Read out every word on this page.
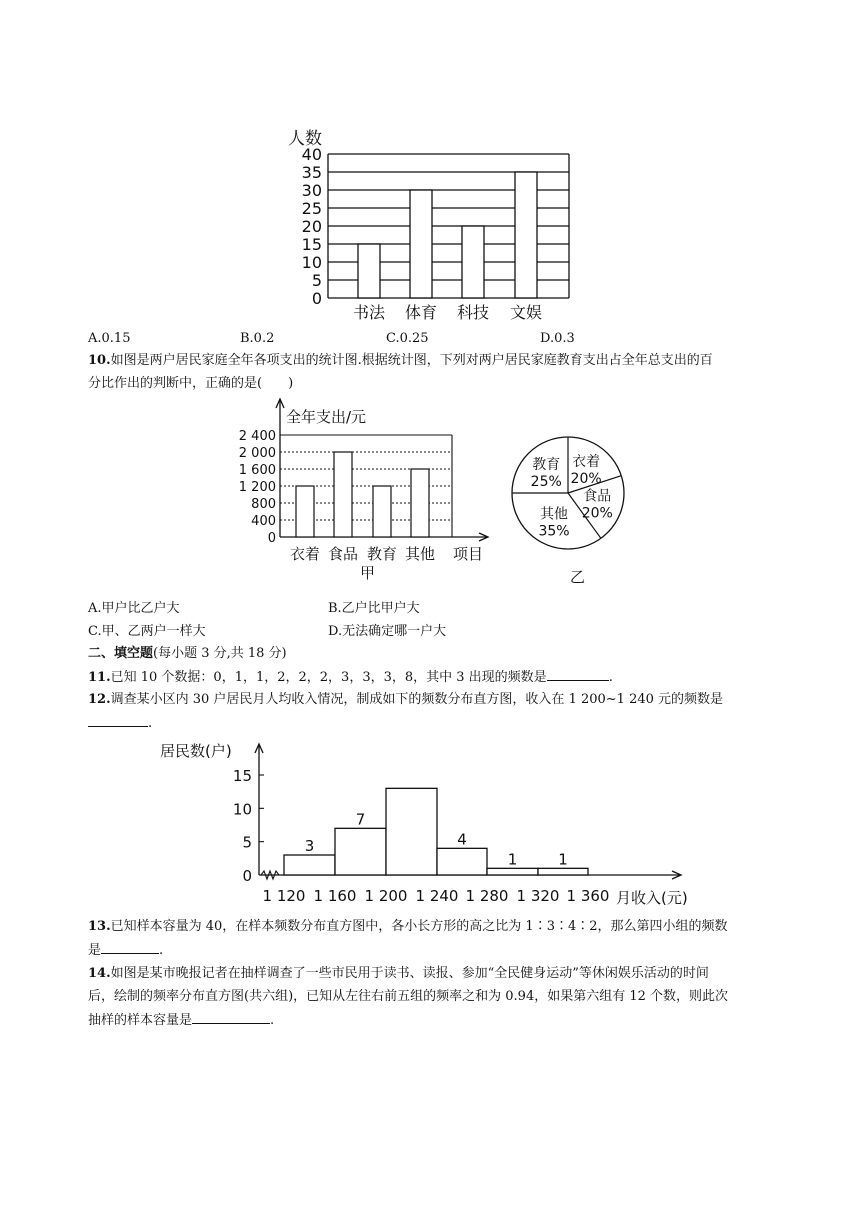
人数
0
5
10
15
20
25
30
35
40
书法 体育 科技 文娱
A.0.15	B.0.2	C.0.25	D.0.3
10.如图是两户居民家庭全年各项支出的统计图.根据统计图，下列对两户居民家庭教育支出占全年总支出的百
分比作出的判断中，正确的是(　　)
全年支出/元
0
400
800
1 200
1 600
2 000
2 400
衣着 食品 教育 其他 项目
甲
衣着
20%
食品
20%
其他
35%
教育
25%
乙
A.甲户比乙户大	B.乙户比甲户大
C.甲、乙两户一样大	D.无法确定哪一户大
二、填空题(每小题 3 分,共 18 分)
11.已知 10 个数据：0，1，1，2，2，2，3，3，3，8，其中 3 出现的频数是	.
12.调查某小区内 30 户居民月人均收入情况，制成如下的频数分布直方图，收入在 1 200~1 240 元的频数是
.
居民数(户)
0
5
10
15
1 120 1 160 1 200 1 240 1 280 1 320 1 360
3
7
4
1	1
月收入(元)
13.已知样本容量为 40，在样本频数分布直方图中，各小长方形的高之比为 1∶3∶4∶2，那么第四小组的频数
是	.
14.如图是某市晚报记者在抽样调查了一些市民用于读书、读报、参加“全民健身运动”等休闲娱乐活动的时间
后，绘制的频率分布直方图(共六组)，已知从左往右前五组的频率之和为 0.94，如果第六组有 12 个数，则此次
抽样的样本容量是	.
